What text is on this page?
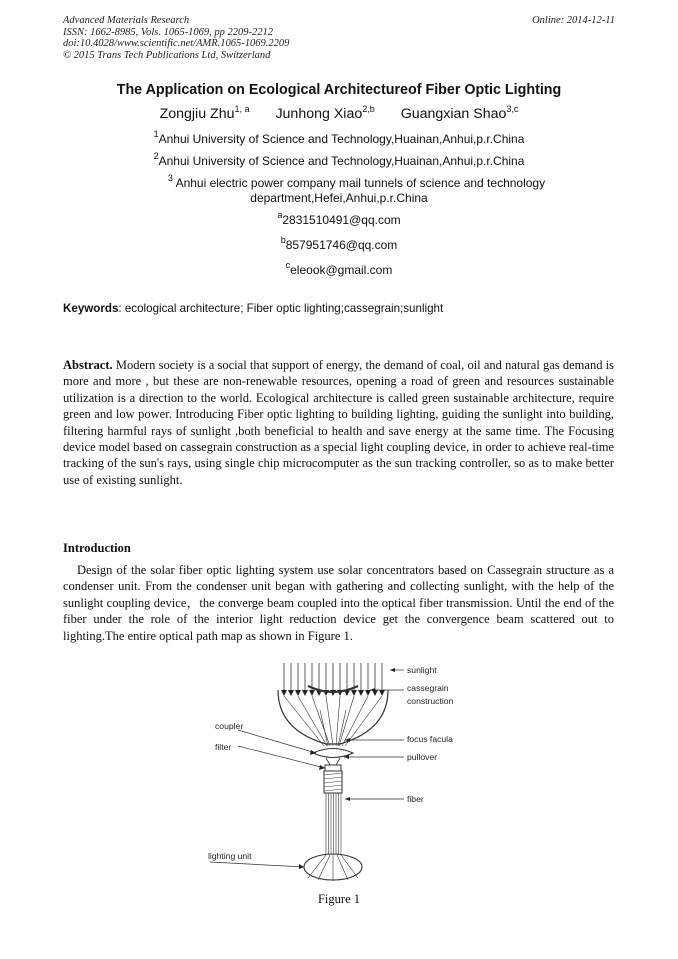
Advanced Materials Research
ISSN: 1662-8985, Vols. 1065-1069, pp 2209-2212
doi:10.4028/www.scientific.net/AMR.1065-1069.2209
© 2015 Trans Tech Publications Ltd, Switzerland
Online: 2014-12-11
The Application on Ecological Architectureof Fiber Optic Lighting
Zongjiu Zhu$^{1, a}$ Junhong Xiao$^{2,b}$ Guangxian Shao$^{3,c}$
$^1$Anhui University of Science and Technology,Huainan,Anhui,p.r.China
$^2$Anhui University of Science and Technology,Huainan,Anhui,p.r.China
$^3$ Anhui electric power company mail tunnels of science and technology
department,Hefei,Anhui,p.r.China
$^a$2831510491@qq.com
$^b$857951746@qq.com
$^c$eleook@gmail.com
Keywords: ecological architecture; Fiber optic lighting;cassegrain;sunlight
Abstract. Modern society is a social that support of energy, the demand of coal, oil and natural gas demand is more and more , but these are non-renewable resources, opening a road of green and resources sustainable utilization is a direction to the world. Ecological architecture is called green sustainable architecture, require green and low power. Introducing Fiber optic lighting to building lighting, guiding the sunlight into building, filtering harmful rays of sunlight ,both beneficial to health and save energy at the same time. The Focusing device model based on cassegrain construction as a special light coupling device, in order to achieve real-time tracking of the sun's rays, using single chip microcomputer as the sun tracking controller, so as to make better use of existing sunlight.
Introduction
Design of the solar fiber optic lighting system use solar concentrators based on Cassegrain structure as a condenser unit. From the condenser unit began with gathering and collecting sunlight, with the help of the sunlight coupling device，the converge beam coupled into the optical fiber transmission. Until the end of the fiber under the role of the interior light reduction device get the convergence beam scattered out to lighting.The entire optical path map as shown in Figure 1.
sunlight
cassegrain
construction
coupler
focus facula
filter
pullover
fiber
lighting unit
Figure 1
